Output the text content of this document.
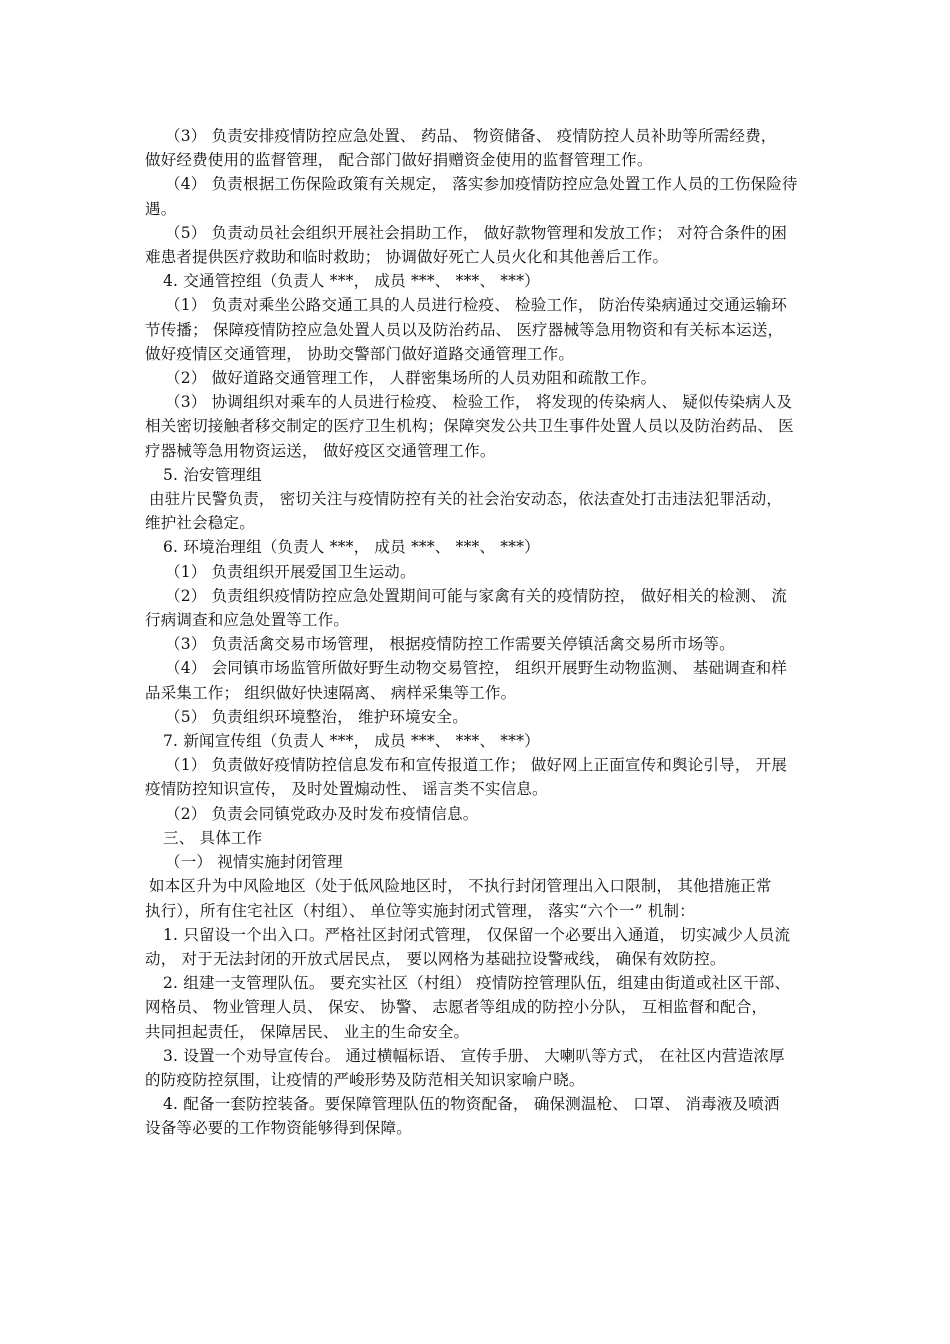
（3） 负责安排疫情防控应急处置、 药品、 物资储备、 疫情防控人员补助等所需经费，
做好经费使用的监督管理， 配合部门做好捐赠资金使用的监督管理工作。
（4） 负责根据工伤保险政策有关规定， 落实参加疫情防控应急处置工作人员的工伤保险待
遇。
（5） 负责动员社会组织开展社会捐助工作， 做好款物管理和发放工作； 对符合条件的困
难患者提供医疗救助和临时救助； 协调做好死亡人员火化和其他善后工作。
4. 交通管控组（负责人 ***， 成员 ***、 ***、 ***）
（1） 负责对乘坐公路交通工具的人员进行检疫、 检验工作， 防治传染病通过交通运输环
节传播； 保障疫情防控应急处置人员以及防治药品、 医疗器械等急用物资和有关标本运送，
做好疫情区交通管理， 协助交警部门做好道路交通管理工作。
（2） 做好道路交通管理工作， 人群密集场所的人员劝阻和疏散工作。
（3） 协调组织对乘车的人员进行检疫、 检验工作， 将发现的传染病人、 疑似传染病人及
相关密切接触者移交制定的医疗卫生机构；保障突发公共卫生事件处置人员以及防治药品、 医
疗器械等急用物资运送， 做好疫区交通管理工作。
5. 治安管理组
由驻片民警负责， 密切关注与疫情防控有关的社会治安动态，依法查处打击违法犯罪活动，
维护社会稳定。
6. 环境治理组（负责人 ***， 成员 ***、 ***、 ***）
（1） 负责组织开展爱国卫生运动。
（2） 负责组织疫情防控应急处置期间可能与家禽有关的疫情防控， 做好相关的检测、 流
行病调查和应急处置等工作。
（3） 负责活禽交易市场管理， 根据疫情防控工作需要关停镇活禽交易所市场等。
（4） 会同镇市场监管所做好野生动物交易管控， 组织开展野生动物监测、 基础调查和样
品采集工作； 组织做好快速隔离、 病样采集等工作。
（5） 负责组织环境整治， 维护环境安全。
7. 新闻宣传组（负责人 ***， 成员 ***、 ***、 ***）
（1） 负责做好疫情防控信息发布和宣传报道工作； 做好网上正面宣传和舆论引导， 开展
疫情防控知识宣传， 及时处置煽动性、 谣言类不实信息。
（2） 负责会同镇党政办及时发布疫情信息。
三、 具体工作
（一） 视情实施封闭管理
如本区升为中风险地区（处于低风险地区时， 不执行封闭管理出入口限制， 其他措施正常
执行），所有住宅社区（村组）、 单位等实施封闭式管理， 落实“六个一” 机制：
1. 只留设一个出入口。严格社区封闭式管理， 仅保留一个必要出入通道， 切实减少人员流
动， 对于无法封闭的开放式居民点， 要以网格为基础拉设警戒线， 确保有效防控。
2. 组建一支管理队伍。 要充实社区（村组） 疫情防控管理队伍，组建由街道或社区干部、
网格员、 物业管理人员、 保安、 协警、 志愿者等组成的防控小分队， 互相监督和配合，
共同担起责任， 保障居民、 业主的生命安全。
3. 设置一个劝导宣传台。 通过横幅标语、 宣传手册、 大喇叭等方式， 在社区内营造浓厚
的防疫防控氛围，让疫情的严峻形势及防范相关知识家喻户晓。
4. 配备一套防控装备。要保障管理队伍的物资配备， 确保测温枪、 口罩、 消毒液及喷洒
设备等必要的工作物资能够得到保障。
